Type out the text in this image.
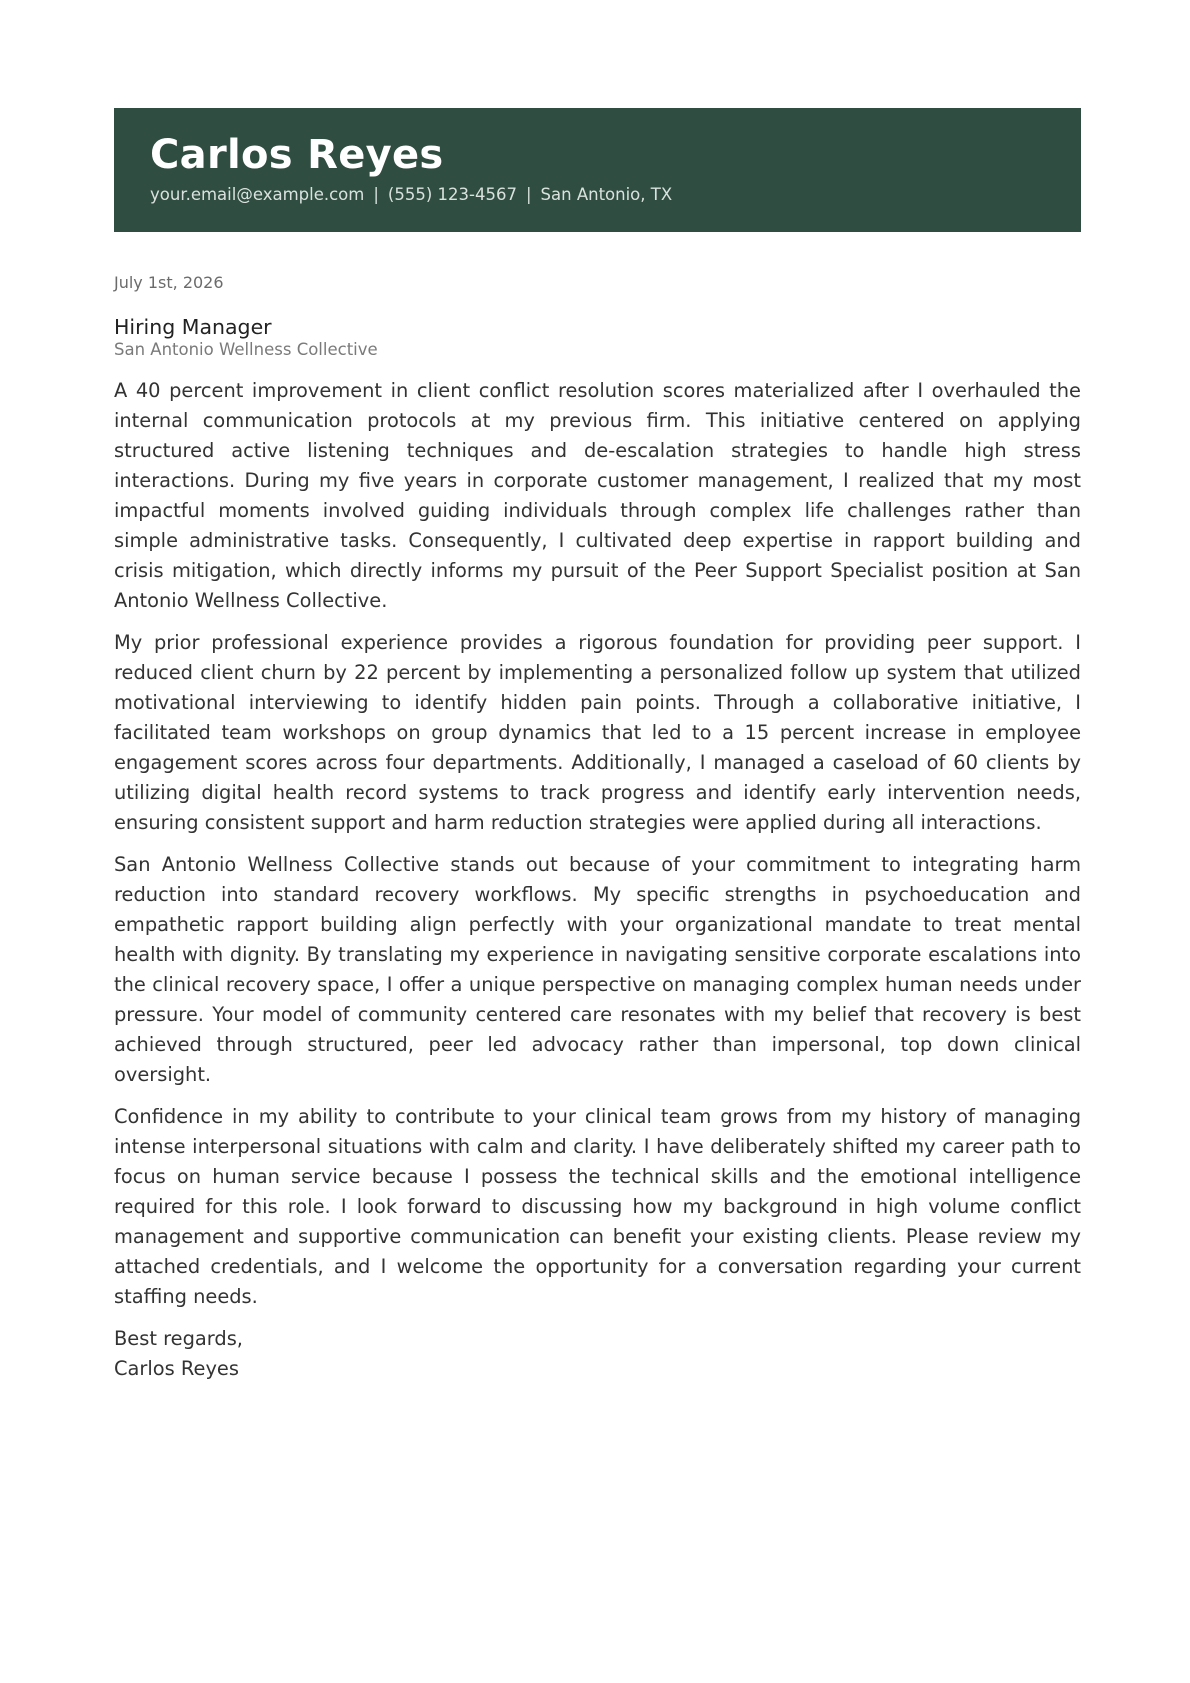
Carlos Reyes
your.email@example.com | (555) 123-4567 | San Antonio, TX
July 1st, 2026
Hiring Manager
San Antonio Wellness Collective

A 40 percent improvement in client conflict resolution scores materialized after I overhauled the internal communication protocols at my previous firm. This initiative centered on applying structured active listening techniques and de-escalation strategies to handle high stress interactions. During my five years in corporate customer management, I realized that my most impactful moments involved guiding individuals through complex life challenges rather than simple administrative tasks. Consequently, I cultivated deep expertise in rapport building and crisis mitigation, which directly informs my pursuit of the Peer Support Specialist position at San Antonio Wellness Collective.

My prior professional experience provides a rigorous foundation for providing peer support. I reduced client churn by 22 percent by implementing a personalized follow up system that utilized motivational interviewing to identify hidden pain points. Through a collaborative initiative, I facilitated team workshops on group dynamics that led to a 15 percent increase in employee engagement scores across four departments. Additionally, I managed a caseload of 60 clients by utilizing digital health record systems to track progress and identify early intervention needs, ensuring consistent support and harm reduction strategies were applied during all interactions.

San Antonio Wellness Collective stands out because of your commitment to integrating harm reduction into standard recovery workflows. My specific strengths in psychoeducation and empathetic rapport building align perfectly with your organizational mandate to treat mental health with dignity. By translating my experience in navigating sensitive corporate escalations into the clinical recovery space, I offer a unique perspective on managing complex human needs under pressure. Your model of community centered care resonates with my belief that recovery is best achieved through structured, peer led advocacy rather than impersonal, top down clinical oversight.

Confidence in my ability to contribute to your clinical team grows from my history of managing intense interpersonal situations with calm and clarity. I have deliberately shifted my career path to focus on human service because I possess the technical skills and the emotional intelligence required for this role. I look forward to discussing how my background in high volume conflict management and supportive communication can benefit your existing clients. Please review my attached credentials, and I welcome the opportunity for a conversation regarding your current staffing needs.

Best regards,
Carlos Reyes
